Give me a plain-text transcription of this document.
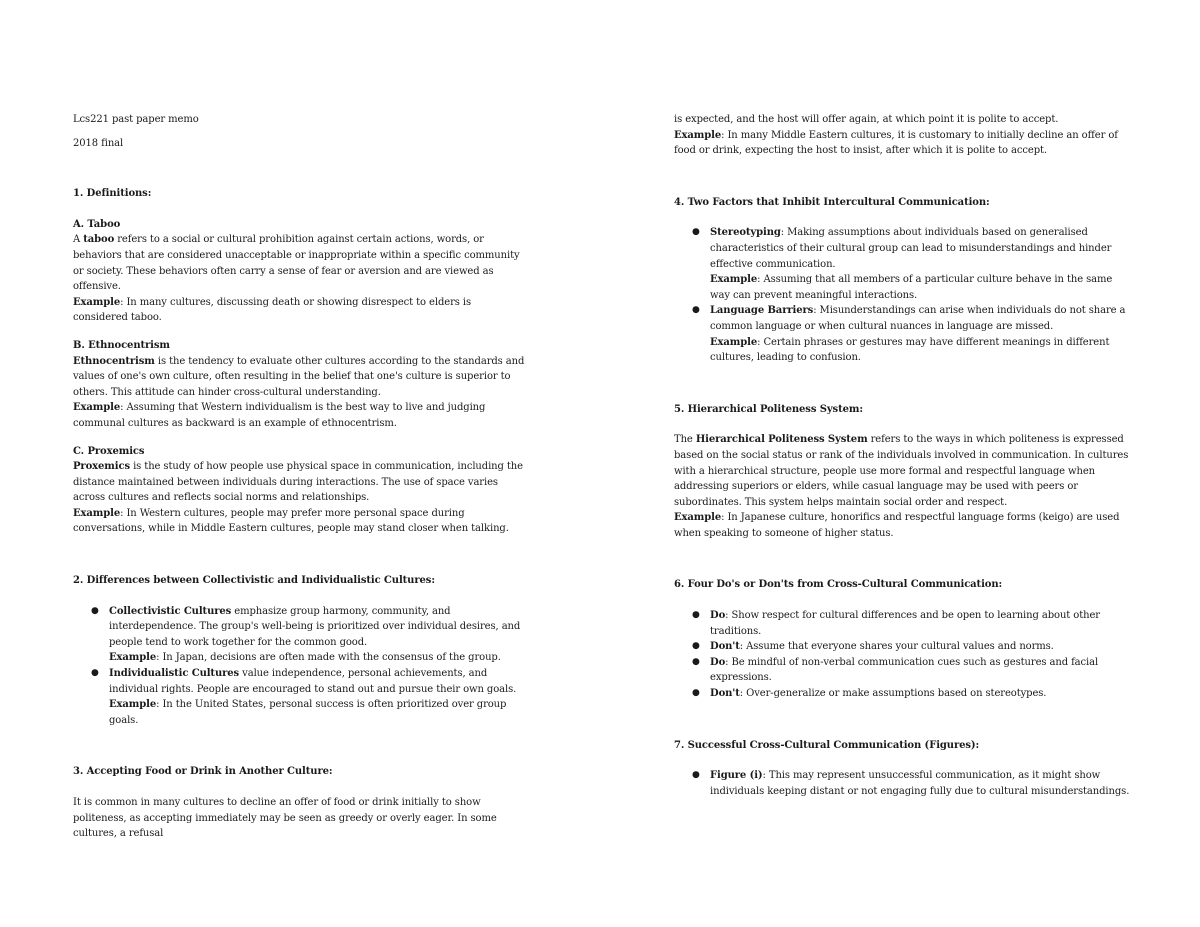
Lcs221 past paper memo

2018 final

1. Definitions:

A. Taboo

A taboo refers to a social or cultural prohibition against certain actions, words, or behaviors that are considered unacceptable or inappropriate within a specific community or society. These behaviors often carry a sense of fear or aversion and are viewed as offensive.
Example: In many cultures, discussing death or showing disrespect to elders is considered taboo.

B. Ethnocentrism

Ethnocentrism is the tendency to evaluate other cultures according to the standards and values of one's own culture, often resulting in the belief that one's culture is superior to others. This attitude can hinder cross-cultural understanding.
Example: Assuming that Western individualism is the best way to live and judging communal cultures as backward is an example of ethnocentrism.

C. Proxemics

Proxemics is the study of how people use physical space in communication, including the distance maintained between individuals during interactions. The use of space varies across cultures and reflects social norms and relationships.
Example: In Western cultures, people may prefer more personal space during conversations, while in Middle Eastern cultures, people may stand closer when talking.

2. Differences between Collectivistic and Individualistic Cultures:

● Collectivistic Cultures emphasize group harmony, community, and interdependence. The group's well-being is prioritized over individual desires, and people tend to work together for the common good.
Example: In Japan, decisions are often made with the consensus of the group.
● Individualistic Cultures value independence, personal achievements, and individual rights. People are encouraged to stand out and pursue their own goals.
Example: In the United States, personal success is often prioritized over group goals.

3. Accepting Food or Drink in Another Culture:

It is common in many cultures to decline an offer of food or drink initially to show politeness, as accepting immediately may be seen as greedy or overly eager. In some cultures, a refusal

is expected, and the host will offer again, at which point it is polite to accept.

Example: In many Middle Eastern cultures, it is customary to initially decline an offer of food or drink, expecting the host to insist, after which it is polite to accept.

4. Two Factors that Inhibit Intercultural Communication:

● Stereotyping: Making assumptions about individuals based on generalised characteristics of their cultural group can lead to misunderstandings and hinder effective communication.
Example: Assuming that all members of a particular culture behave in the same way can prevent meaningful interactions.
● Language Barriers: Misunderstandings can arise when individuals do not share a common language or when cultural nuances in language are missed.
Example: Certain phrases or gestures may have different meanings in different cultures, leading to confusion.

5. Hierarchical Politeness System:

The Hierarchical Politeness System refers to the ways in which politeness is expressed based on the social status or rank of the individuals involved in communication. In cultures with a hierarchical structure, people use more formal and respectful language when addressing superiors or elders, while casual language may be used with peers or subordinates. This system helps maintain social order and respect.
Example: In Japanese culture, honorifics and respectful language forms (keigo) are used when speaking to someone of higher status.

6. Four Do's or Don'ts from Cross-Cultural Communication:

● Do: Show respect for cultural differences and be open to learning about other traditions.
● Don't: Assume that everyone shares your cultural values and norms.
● Do: Be mindful of non-verbal communication cues such as gestures and facial expressions.
● Don't: Over-generalize or make assumptions based on stereotypes.

7. Successful Cross-Cultural Communication (Figures):

● Figure (i): This may represent unsuccessful communication, as it might show individuals keeping distant or not engaging fully due to cultural misunderstandings.
